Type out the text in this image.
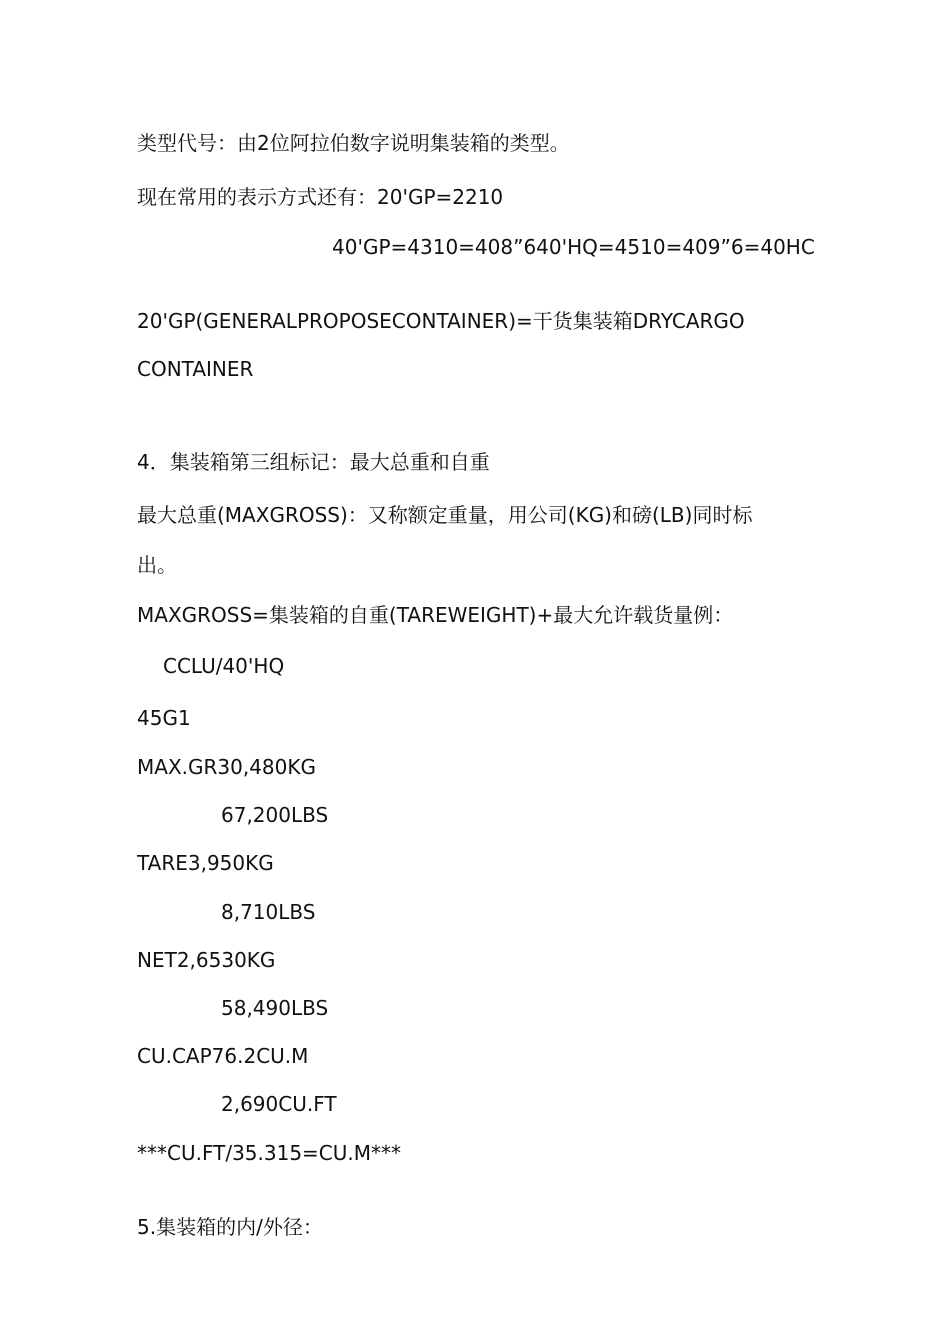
类型代号：由2位阿拉伯数字说明集装箱的类型。
现在常用的表示方式还有：20'GP=2210
40'GP=4310=408”640'HQ=4510=409”6=40HC
20'GP(GENERALPROPOSECONTAINER)=干货集装箱DRYCARGO
CONTAINER
4．集装箱第三组标记：最大总重和自重
最大总重(MAXGROSS)：又称额定重量，用公司(KG)和磅(LB)同时标
出。
MAXGROSS=集装箱的自重(TAREWEIGHT)+最大允许载货量例：
CCLU/40'HQ
45G1
MAX.GR30,480KG
67,200LBS
TARE3,950KG
8,710LBS
NET2,6530KG
58,490LBS
CU.CAP76.2CU.M
2,690CU.FT
***CU.FT/35.315=CU.M***
5.集装箱的内/外径：
